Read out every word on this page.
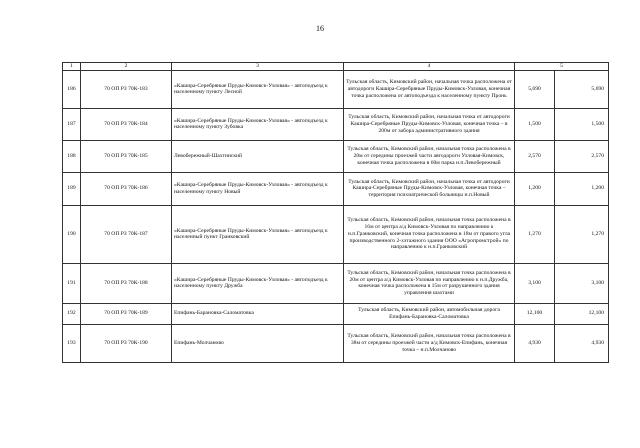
16
1	2	3	4	5	
186	70 ОП РЗ 70К-183	«Кашира-Серебряные Пруды-Кимовск-Узловая» - автоподъезд к населенному пункту Лесной	Тульская область, Кимовский район, начальная точка расположена от автодороги Кашира-Серебряные Пруды-Кимовск-Узловая, конечная точка расположена от автоподъезда к населенному пункту Пронь	5,690	5,690
187	70 ОП РЗ 70К-184	«Кашира-Серебряные Пруды-Кимовск-Узловая» - автоподъезд к населенному пункту Зубовка	Тульская область, Кимовский район, начальная точка от автодороги Кашира-Серебряные Пруды-Кимовск-Узловая, конечная точка – в 200м от забора административного здания	1,500	1,500
188	70 ОП РЗ 70К-185	Левобережный-Шахтинский	Тульская область, Кимовский район, начальная точка расположена в 20м от середины проезжей части автодороги Узловая-Кимовск, конечная точка расположена в 60м парка н.п.Левобережный	2,570	2,570
189	70 ОП РЗ 70К-186	«Кашира-Серебряные Пруды-Кимовск-Узловая» - автоподъезд к населенному пункту Новый	Тульская область, Кимовский район, начальная точка от автодороги Кашира-Серебряные Пруды-Кимовск-Узловая, конечная точка – территория психиатрической больницы н.п.Новый	1,200	1,200
190	70 ОП РЗ 70К-187	«Кашира-Серебряные Пруды-Кимовск-Узловая» - автоподъезд к населенный пункт Гранковский	Тульская область, Кимовский район, начальная точка расположена в 16м от центра а/д Кимовск-Узловая по направлению к н.п.Гранковский, конечная точка расположена в 18м от правого угла производственного 2-хэтажного здания ООО «Агропромстрой» по направлению к н.п.Гранковский	1,270	1,270
191	70 ОП РЗ 70К-188	«Кашира-Серебряные Пруды-Кимовск-Узловая» - автоподъезд к населенному пункту Дружба	Тульская область, Кимовский район, начальная точка расположена в 20м от центра а/д Кимовск-Узловая по направлению к н.п.Дружба, конечная точка расположена в 15м от разрушенного здания управления шахтами	3,100	3,100
192	70 ОП РЗ 70К-189	Епифань-Барановка-Саломатовка	Тульская область, Кимовский район, автомобильная дорога Епифань-Барановка-Саломатовка	12,100	12,100
193	70 ОП РЗ 70К-190	Епифань-Молчаново	Тульская область, Кимовский район, начальная точка расположена в 38м от середины проезжей части а/д Кимовск-Епифань, конечная точка – н.п.Молчаново	4,930	4,930
